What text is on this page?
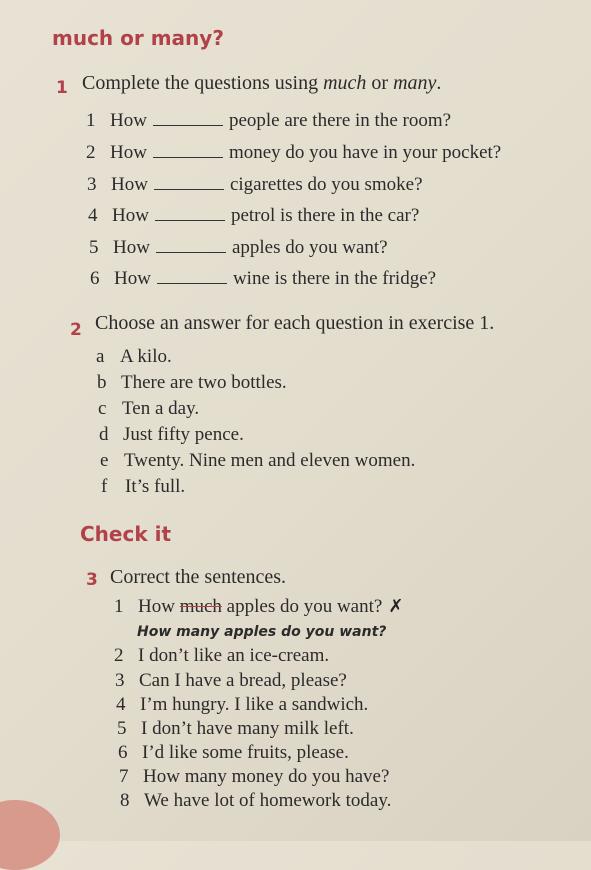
much or many?
1 Complete the questions using much or many.
1 How	people are there in the room?
2 How	money do you have in your pocket?
3 How	cigarettes do you smoke?
4 How	petrol is there in the car?
5 How	apples do you want?
6 How	wine is there in the fridge?
2 Choose an answer for each question in exercise 1.
a A kilo.
b There are two bottles.
c Ten a day.
d Just fifty pence.
e Twenty. Nine men and eleven women.
f It’s full.
Check it
3 Correct the sentences.
1 How much apples do you want? ✗
How many apples do you want?
2 I don’t like an ice-cream.
3 Can I have a bread, please?
4 I’m hungry. I like a sandwich.
5 I don’t have many milk left.
6 I’d like some fruits, please.
7 How many money do you have?
8 We have lot of homework today.
